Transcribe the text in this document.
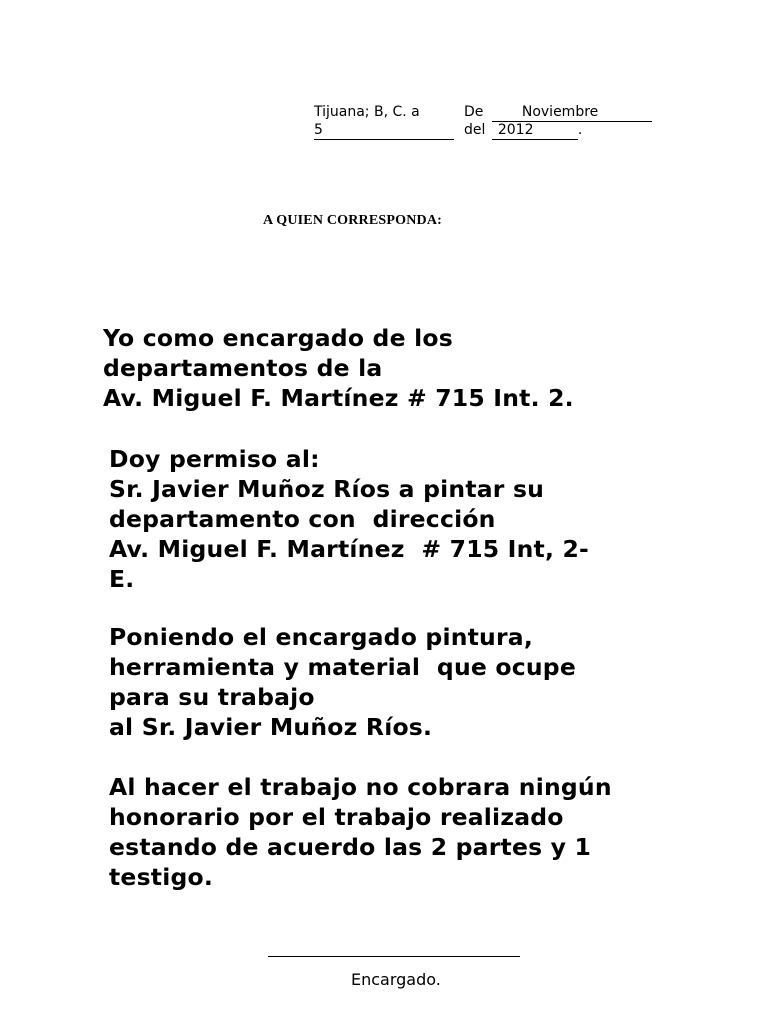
Tijuana; B, C. a
5
De	Noviembre
del 2012	.
A QUIEN CORRESPONDA:
Yo como encargado de los
departamentos de la
Av. Miguel F. Martínez # 715 Int. 2.
Doy permiso al:
Sr. Javier Muñoz Ríos a pintar su
departamento con  dirección
Av. Miguel F. Martínez  # 715 Int, 2-
E.
Poniendo el encargado pintura,
herramienta y material  que ocupe
para su trabajo
al Sr. Javier Muñoz Ríos.
Al hacer el trabajo no cobrara ningún
honorario por el trabajo realizado
estando de acuerdo las 2 partes y 1
testigo.
Encargado.
